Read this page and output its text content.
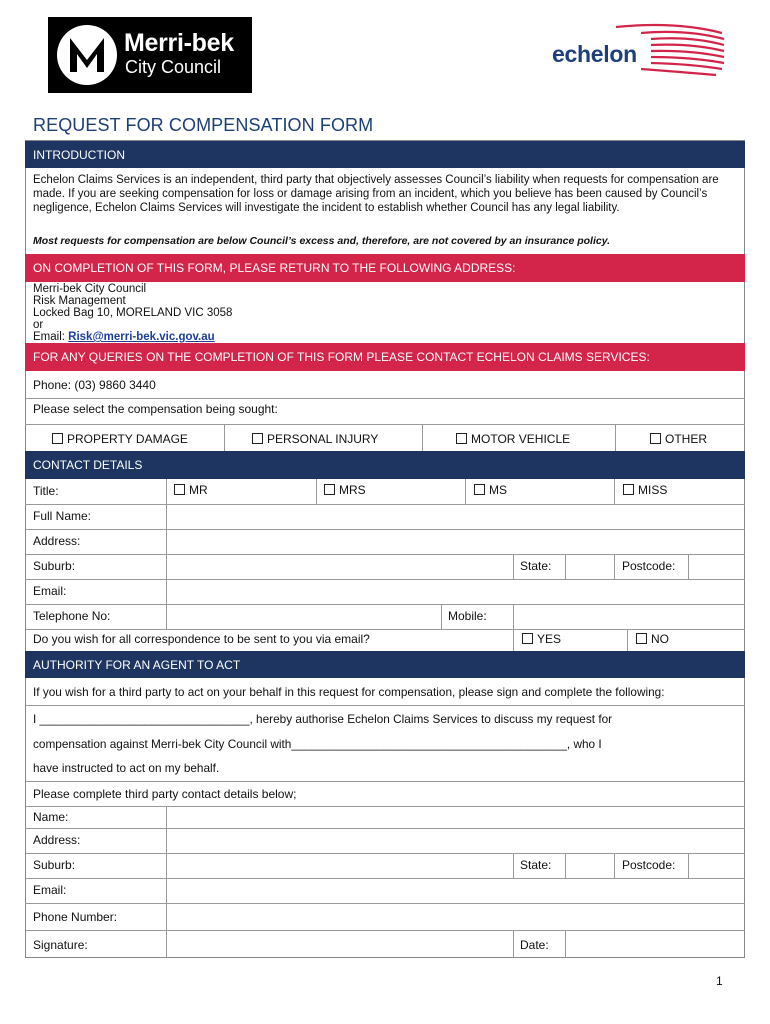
Merri-bek
City Council	echelon
REQUEST FOR COMPENSATION FORM
INTRODUCTION
Echelon Claims Services is an independent, third party that objectively assesses Council’s liability when requests for compensation are made. If you are seeking compensation for loss or damage arising from an incident, which you believe has been caused by Council’s negligence, Echelon Claims Services will investigate the incident to establish whether Council has any legal liability.
Most requests for compensation are below Council’s excess and, therefore, are not covered by an insurance policy.
ON COMPLETION OF THIS FORM, PLEASE RETURN TO THE FOLLOWING ADDRESS:
Merri-bek City Council
Risk Management
Locked Bag 10, MORELAND VIC 3058
or
Email: Risk@merri-bek.vic.gov.au
FOR ANY QUERIES ON THE COMPLETION OF THIS FORM PLEASE CONTACT ECHELON CLAIMS SERVICES:
Phone: (03) 9860 3440
Please select the compensation being sought:
PROPERTY DAMAGE	PERSONAL INJURY	MOTOR VEHICLE	OTHER
CONTACT DETAILS
Title:	MR	MRS	MS	MISS
Full Name:
Address:
Suburb:	State:	Postcode:
Email:
Telephone No:	Mobile:
Do you wish for all correspondence to be sent to you via email?	YES	NO
AUTHORITY FOR AN AGENT TO ACT
If you wish for a third party to act on your behalf in this request for compensation, please sign and complete the following:
I ________________________________, hereby authorise Echelon Claims Services to discuss my request for
compensation against Merri-bek City Council with__________________________________________, who I
have instructed to act on my behalf.
Please complete third party contact details below;
Name:
Address:
Suburb:	State:	Postcode:
Email:
Phone Number:
Signature:	Date:
1
